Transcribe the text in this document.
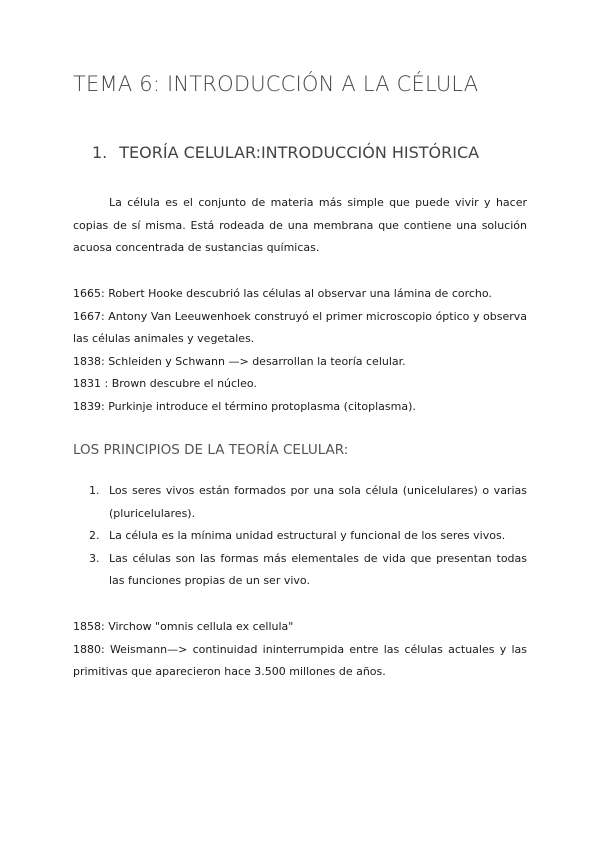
TEMA 6: INTRODUCCIÓN A LA CÉLULA
1. TEORÍA CELULAR:INTRODUCCIÓN HISTÓRICA

La célula es el conjunto de materia más simple que puede vivir y hacer copias de sí misma. Está rodeada de una membrana que contiene una solución acuosa concentrada de sustancias químicas.

1665: Robert Hooke descubrió las células al observar una lámina de corcho.

1667: Antony Van Leeuwenhoek construyó el primer microscopio óptico y observa las células animales y vegetales.

1838: Schleiden y Schwann —> desarrollan la teoría celular.

1831 : Brown descubre el núcleo.

1839: Purkinje introduce el término protoplasma (citoplasma).

LOS PRINCIPIOS DE LA TEORÍA CELULAR:
1. Los seres vivos están formados por una sola célula (unicelulares) o varias (pluricelulares).
2. La célula es la mínima unidad estructural y funcional de los seres vivos.
3. Las células son las formas más elementales de vida que presentan todas las funciones propias de un ser vivo.

1858: Virchow "omnis cellula ex cellula"

1880: Weismann—> continuidad ininterrumpida entre las células actuales y las primitivas que aparecieron hace 3.500 millones de años.
